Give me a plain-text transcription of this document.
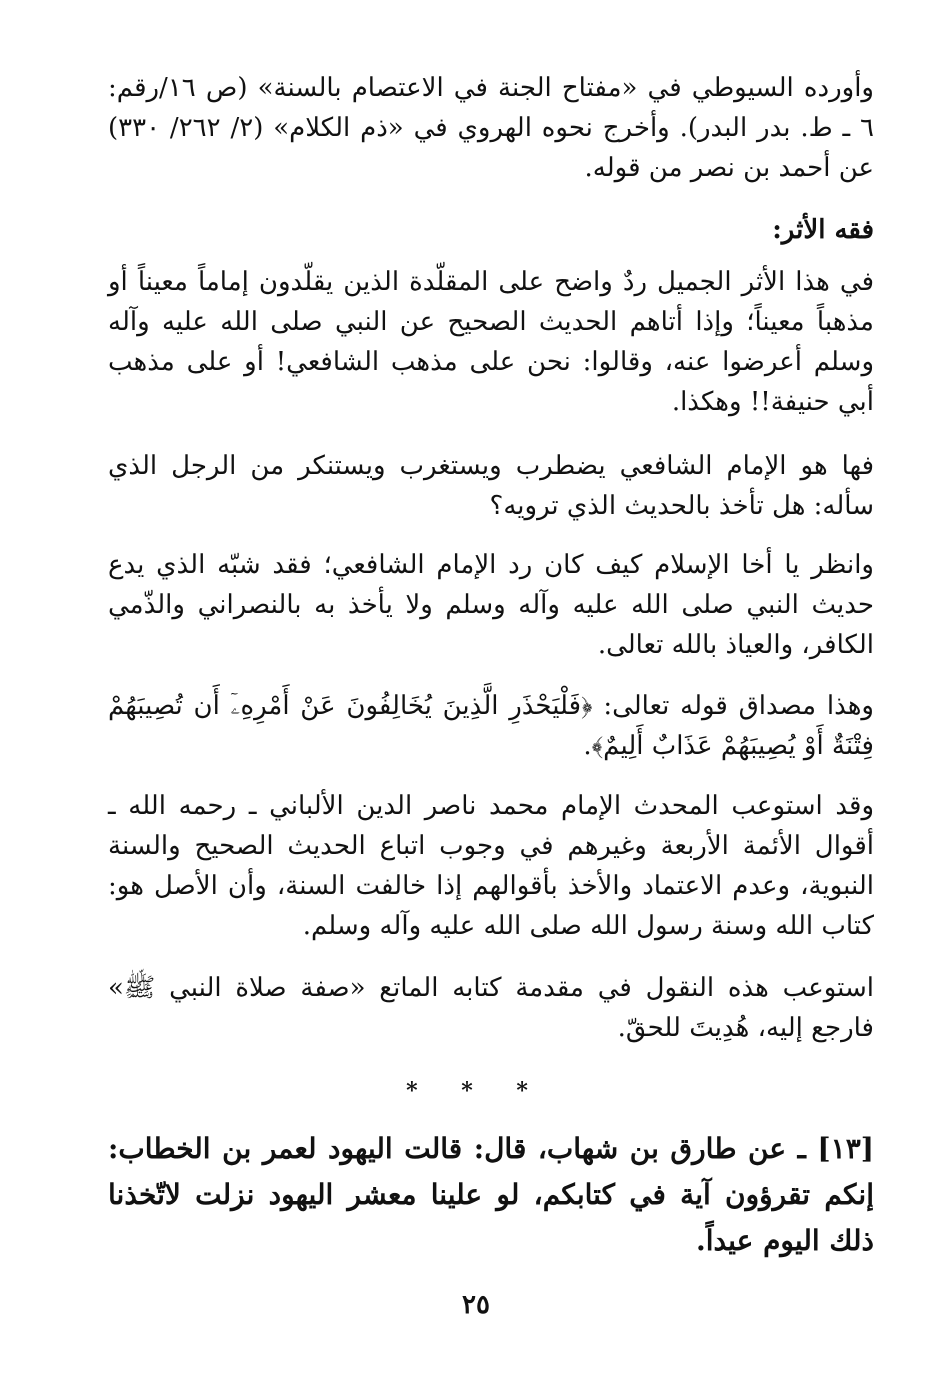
وأورده السيوطي في «مفتاح الجنة في الاعتصام بالسنة» (ص ١٦/رقم: ٦ ـ ط. بدر البدر). وأخرج نحوه الهروي في «ذم الكلام» (٢/ ٢٦٢/ ٣٣٠) عن أحمد بن نصر من قوله.

فقه الأثر:

في هذا الأثر الجميل ردٌ واضح على المقلّدة الذين يقلّدون إماماً معيناً أو مذهباً معيناً؛ وإذا أتاهم الحديث الصحيح عن النبي صلى الله عليه وآله وسلم أعرضوا عنه، وقالوا: نحن على مذهب الشافعي! أو على مذهب أبي حنيفة!! وهكذا.

فها هو الإمام الشافعي يضطرب ويستغرب ويستنكر من الرجل الذي سأله: هل تأخذ بالحديث الذي ترويه؟

وانظر يا أخا الإسلام كيف كان رد الإمام الشافعي؛ فقد شبّه الذي يدع حديث النبي صلى الله عليه وآله وسلم ولا يأخذ به بالنصراني والذّمي الكافر، والعياذ بالله تعالى.

وهذا مصداق قوله تعالى: ﴿فَلْيَحْذَرِ الَّذِينَ يُخَالِفُونَ عَنْ أَمْرِهِۦٓ أَن تُصِيبَهُمْ فِتْنَةٌ أَوْ يُصِيبَهُمْ عَذَابٌ أَلِيمٌ﴾.

وقد استوعب المحدث الإمام محمد ناصر الدين الألباني ـ رحمه الله ـ أقوال الأئمة الأربعة وغيرهم في وجوب اتباع الحديث الصحيح والسنة النبوية، وعدم الاعتماد والأخذ بأقوالهم إذا خالفت السنة، وأن الأصل هو: كتاب الله وسنة رسول الله صلى الله عليه وآله وسلم.

استوعب هذه النقول في مقدمة كتابه الماتع «صفة صلاة النبي ﷺ» فارجع إليه، هُدِيتَ للحقّ.

* * *

[١٣] ـ عن طارق بن شهاب، قال: قالت اليهود لعمر بن الخطاب: إنكم تقرؤون آية في كتابكم، لو علينا معشر اليهود نزلت لاتّخذنا ذلك اليوم عيداً.

٢٥
